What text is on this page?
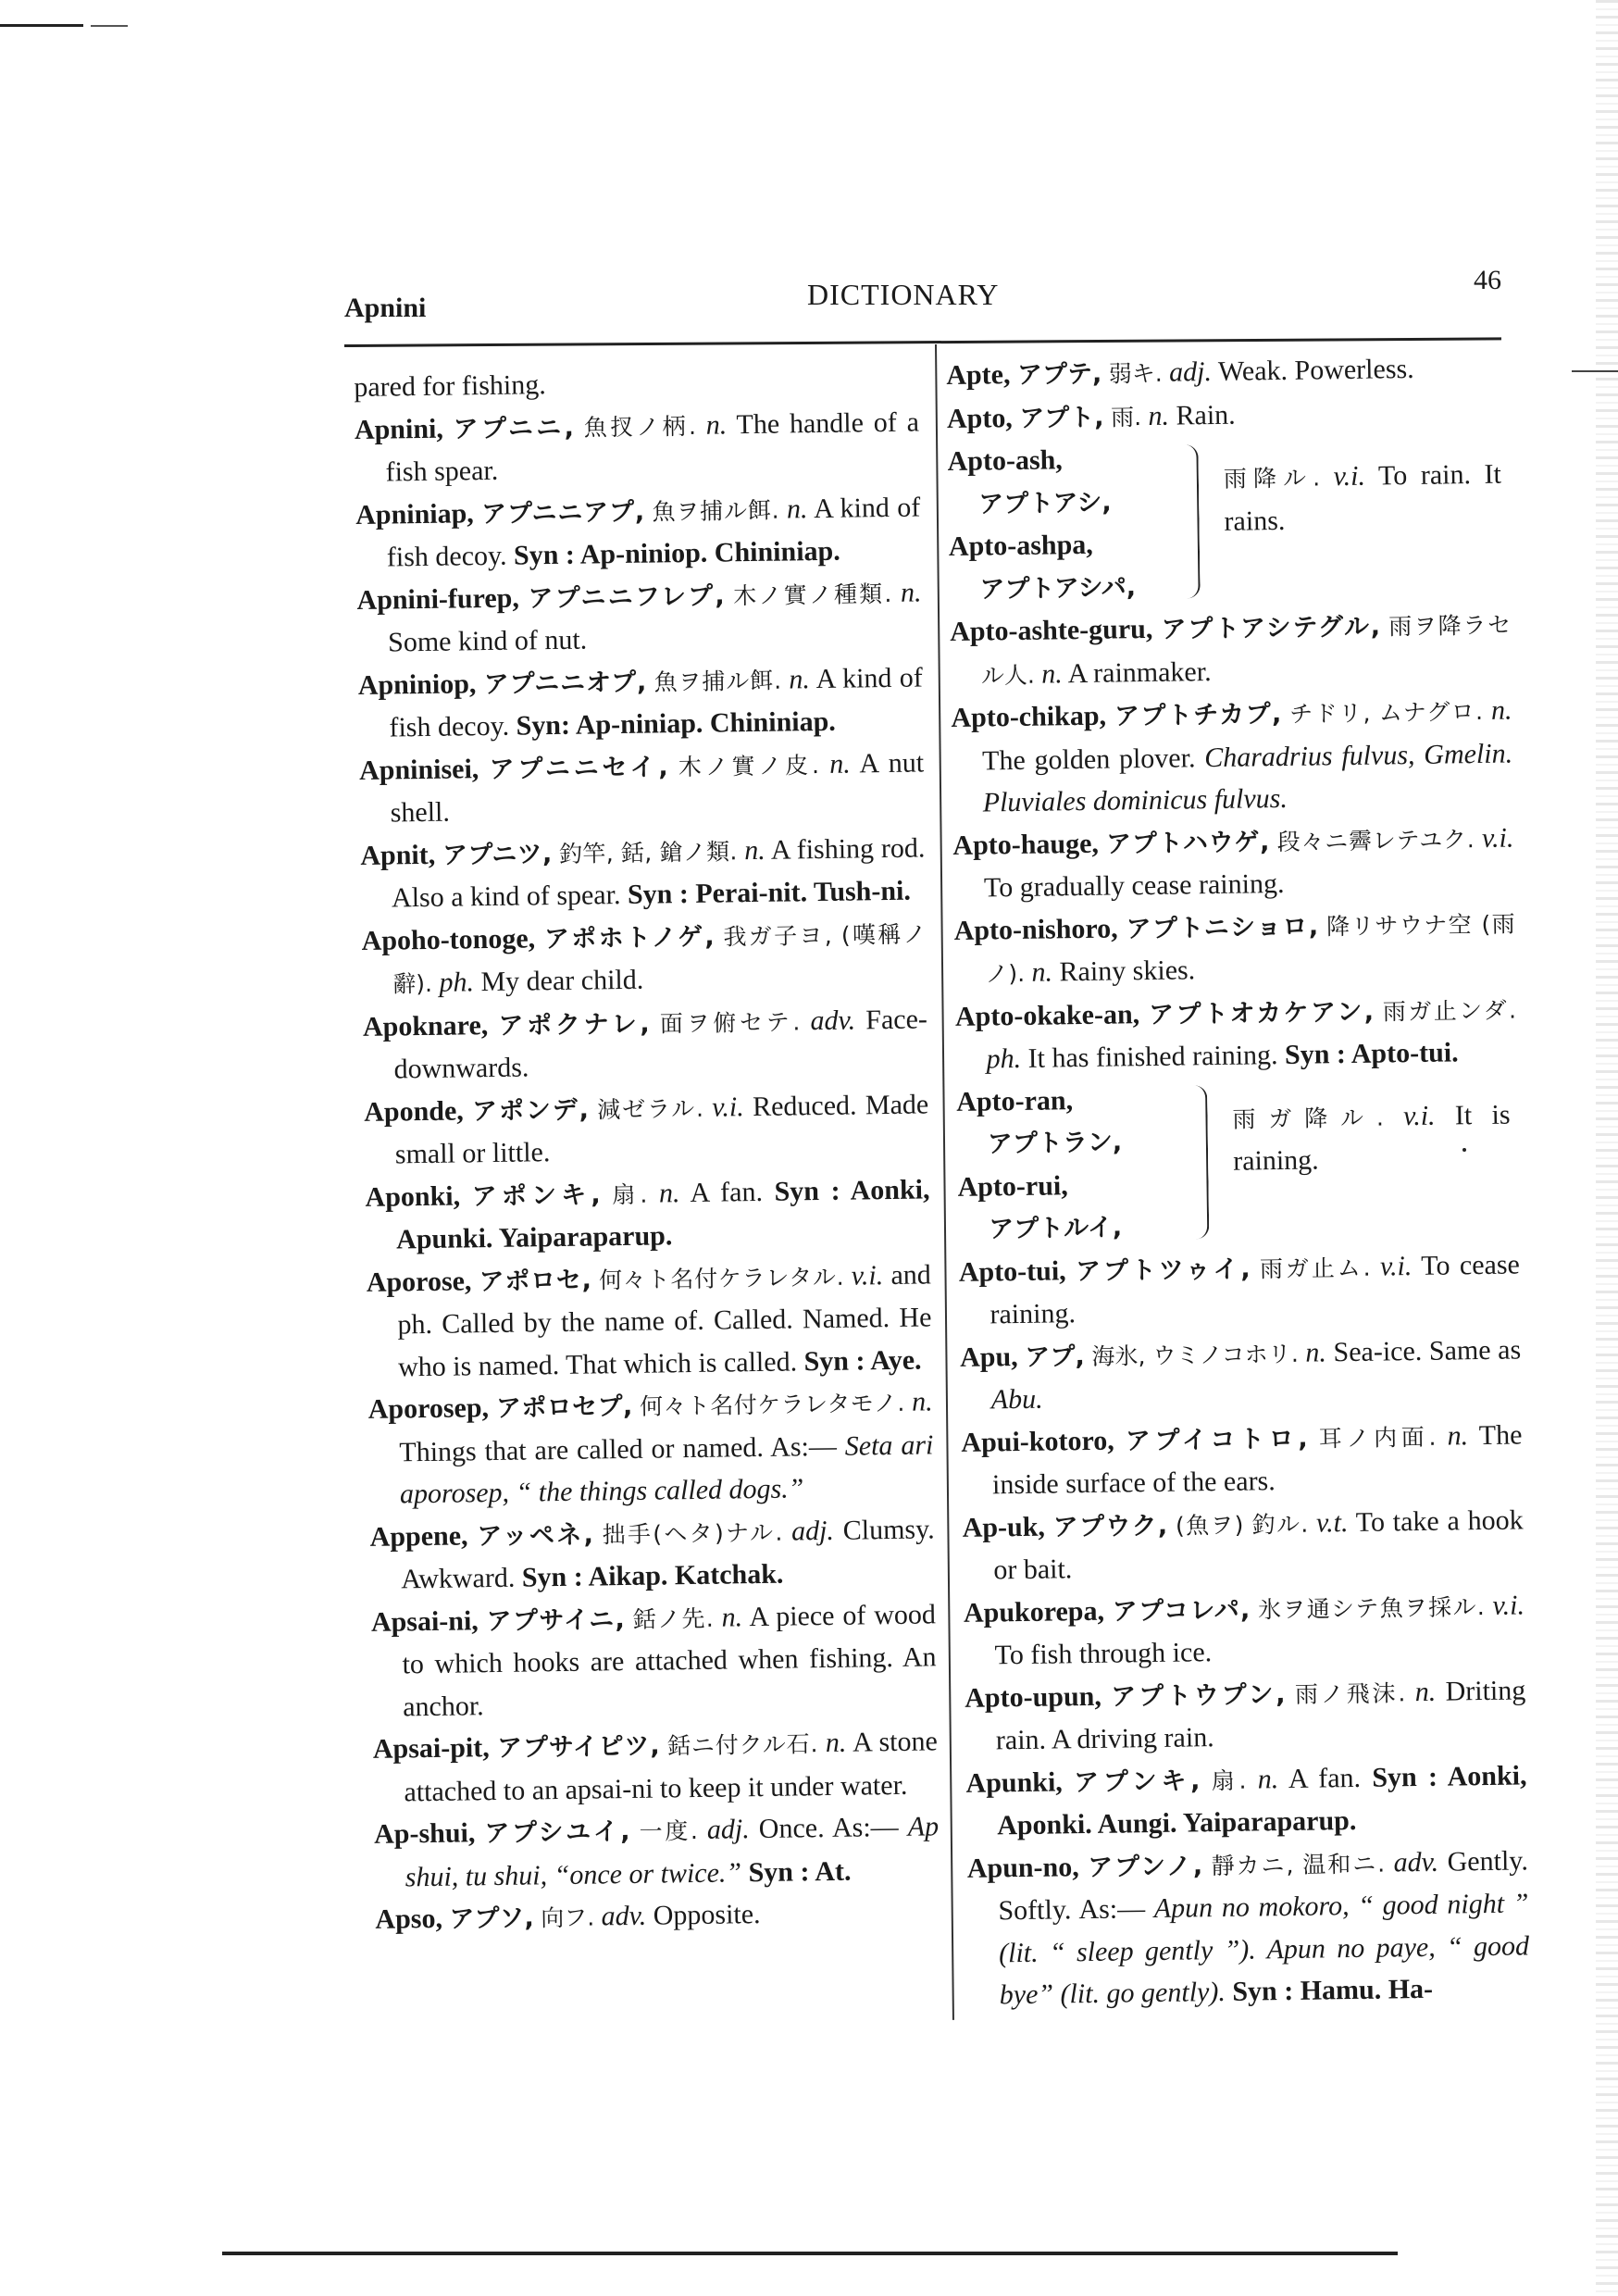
Apnini	DICTIONARY	46

pared for fishing.

Apnini, アプニニ, 魚扠ノ柄. n. The handle of a fish spear.

Apniniap, アプニニアプ, 魚ヲ捕ル餌. n. A kind of fish decoy. Syn : Ap-niniop. Chininiap.

Apnini-furep, アプニニフレプ, 木ノ實ノ種類. n. Some kind of nut.

Apniniop, アプニニオプ, 魚ヲ捕ル餌. n. A kind of fish decoy. Syn: Ap-niniap. Chininiap.

Apninisei, アプニニセイ, 木ノ實ノ皮. n. A nut shell.

Apnit, アプニツ, 釣竿, 銛, 鎗ノ類. n. A fishing rod. Also a kind of spear. Syn : Perai-nit. Tush-ni.

Apoho-tonoge, アポホトノゲ, 我ガ子ヨ, (嘆稱ノ辭). ph. My dear child.

Apoknare, アポクナレ, 面ヲ俯セテ. adv. Face-downwards.

Aponde, アポンデ, 減ゼラル. v.i. Reduced. Made small or little.

Aponki, アポンキ, 扇. n. A fan. Syn : Aonki, Apunki. Yaiparaparup.

Aporose, アポロセ, 何々ト名付ケラレタル. v.i. and ph. Called by the name of. Called. Named. He who is named. That which is called. Syn : Aye.

Aporosep, アポロセプ, 何々ト名付ケラレタモノ. n. Things that are called or named. As:— Seta ari aporosep, “ the things called dogs.”

Appene, アッペネ, 拙手(ヘタ)ナル. adj. Clumsy. Awkward. Syn : Aikap. Katchak.

Apsai-ni, アプサイニ, 銛ノ先. n. A piece of wood to which hooks are attached when fishing. An anchor.

Apsai-pit, アプサイピツ, 銛ニ付クル石. n. A stone attached to an apsai-ni to keep it under water.

Ap-shui, アプシユイ, 一度. adj. Once. As:— Ap shui, tu shui, “once or twice.” Syn : At.

Apso, アプソ, 向フ. adv. Opposite.

Apte, アプテ, 弱キ. adj. Weak. Powerless.

Apto, アプト, 雨. n. Rain.

Apto-ash,

アプトアシ,

Apto-ashpa,

アプトアシパ,

雨降ル. v.i. To rain. It rains.

Apto-ashte-guru, アプトアシテグル, 雨ヲ降ラセル人. n. A rainmaker.

Apto-chikap, アプトチカプ, チドリ, ムナグロ. n. The golden plover. Charadrius fulvus, Gmelin. Pluviales dominicus fulvus.

Apto-hauge, アプトハウゲ, 段々ニ霽レテユク. v.i. To gradually cease raining.

Apto-nishoro, アプトニショロ, 降リサウナ空 (雨ノ). n. Rainy skies.

Apto-okake-an, アプトオカケアン, 雨ガ止ンダ. ph. It has finished raining. Syn : Apto-tui.

Apto-ran,

アプトラン,

Apto-rui,

アプトルイ,

雨ガ降ル. v.i. It is raining.

Apto-tui, アプトツゥイ, 雨ガ止ム. v.i. To cease raining.

Apu, アプ, 海氷, ウミノコホリ. n. Sea-ice. Same as Abu.

Apui-kotoro, アプイコトロ, 耳ノ内面. n. The inside surface of the ears.

Ap-uk, アプウク, (魚ヲ) 釣ル. v.t. To take a hook or bait.

Apukorepa, アプコレパ, 氷ヲ通シテ魚ヲ採ル. v.i. To fish through ice.

Apto-upun, アプトウプン, 雨ノ飛沫. n. Driting rain. A driving rain.

Apunki, アプンキ, 扇. n. A fan. Syn : Aonki, Aponki. Aungi. Yaiparaparup.

Apun-no, アプンノ, 靜カニ, 温和ニ. adv. Gently. Softly. As:— Apun no mokoro, “ good night ” (lit. “ sleep gently ”). Apun no paye, “ good bye” (lit. go gently). Syn : Hamu. Ha-
